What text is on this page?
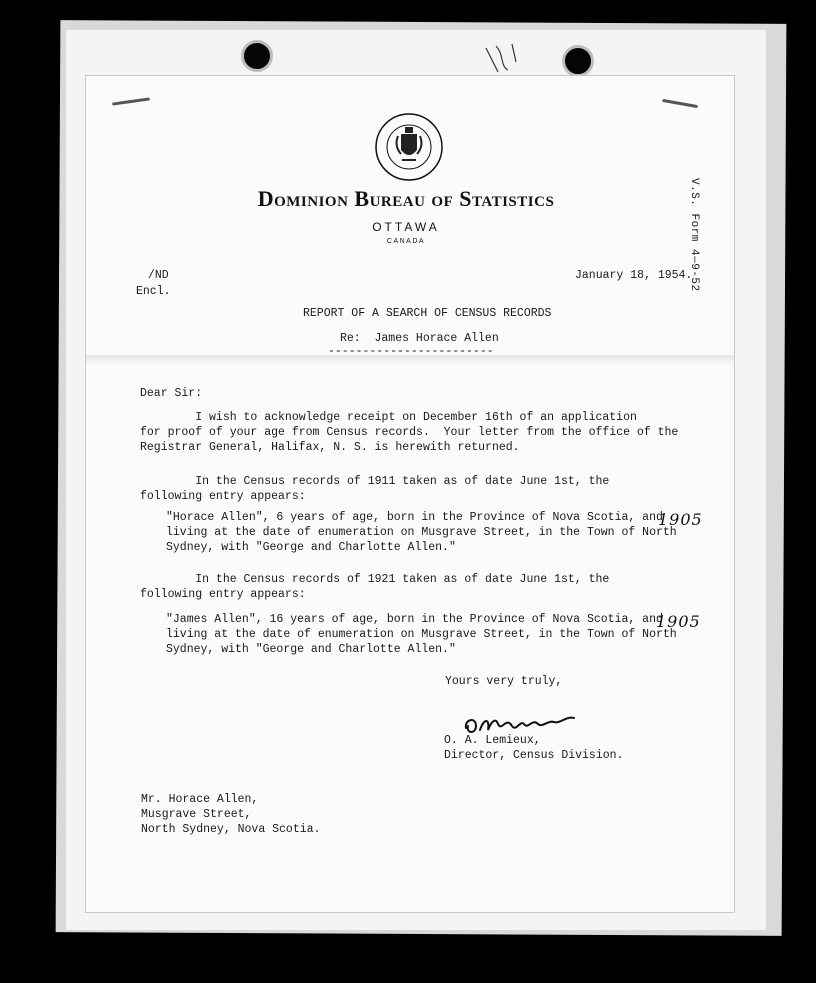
V.S. Form 4—9-52
Dominion Bureau of Statistics
OTTAWA
CANADA
/ND
Encl.
January 18, 1954.
REPORT OF A SEARCH OF CENSUS RECORDS
Re:  James Horace Allen
------------------------
Dear Sir:
I wish to acknowledge receipt on December 16th of an application
for proof of your age from Census records.  Your letter from the office of the
Registrar General, Halifax, N. S. is herewith returned.
In the Census records of 1911 taken as of date June 1st, the
following entry appears:
"Horace Allen", 6 years of age, born in the Province of Nova Scotia, and
living at the date of enumeration on Musgrave Street, in the Town of North
Sydney, with "George and Charlotte Allen."
1905
In the Census records of 1921 taken as of date June 1st, the
following entry appears:
"James Allen", 16 years of age, born in the Province of Nova Scotia, and
living at the date of enumeration on Musgrave Street, in the Town of North
Sydney, with "George and Charlotte Allen."
1905
Yours very truly,
O. A. Lemieux,
Director, Census Division.
Mr. Horace Allen,
Musgrave Street,
North Sydney, Nova Scotia.
